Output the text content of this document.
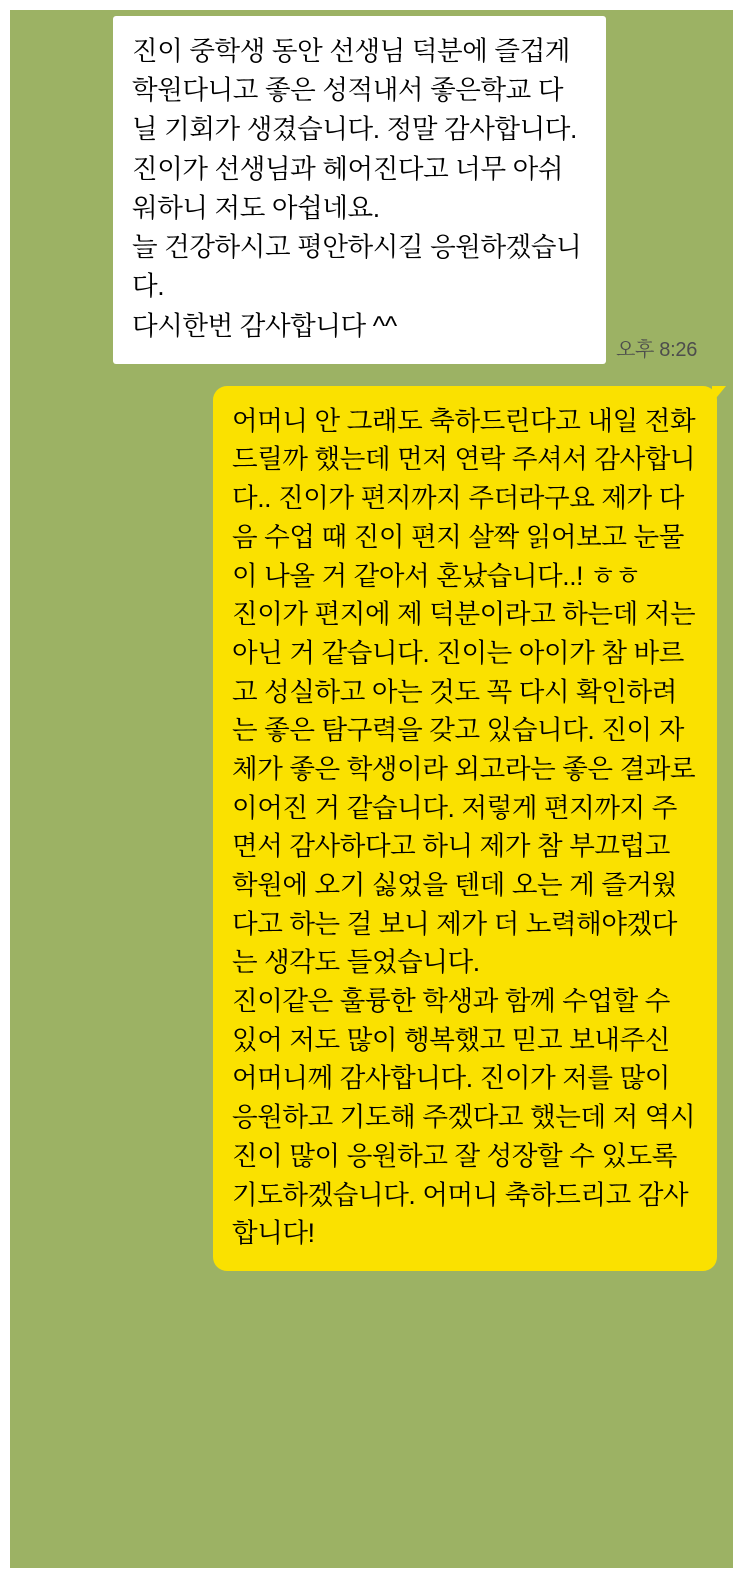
진이 중학생 동안 선생님 덕분에 즐겁게 학원다니고 좋은 성적내서 좋은학교 다닐 기회가 생겼습니다. 정말 감사합니다. 진이가 선생님과 헤어진다고 너무 아쉬워하니 저도 아쉽네요.

늘 건강하시고 평안하시길 응원하겠습니다.

다시한번 감사합니다 ^^

오후 8:26

어머니 안 그래도 축하드린다고 내일 전화드릴까 했는데 먼저 연락 주셔서 감사합니다.. 진이가 편지까지 주더라구요 제가 다음 수업 때 진이 편지 살짝 읽어보고 눈물이 나올 거 같아서 혼났습니다..! ㅎㅎ

진이가 편지에 제 덕분이라고 하는데 저는 아닌 거 같습니다. 진이는 아이가 참 바르고 성실하고 아는 것도 꼭 다시 확인하려는 좋은 탐구력을 갖고 있습니다. 진이 자체가 좋은 학생이라 외고라는 좋은 결과로 이어진 거 같습니다. 저렇게 편지까지 주면서 감사하다고 하니 제가 참 부끄럽고 학원에 오기 싫었을 텐데 오는 게 즐거웠다고 하는 걸 보니 제가 더 노력해야겠다는 생각도 들었습니다.

진이같은 훌륭한 학생과 함께 수업할 수 있어 저도 많이 행복했고 믿고 보내주신 어머니께 감사합니다. 진이가 저를 많이 응원하고 기도해 주겠다고 했는데 저 역시 진이 많이 응원하고 잘 성장할 수 있도록 기도하겠습니다. 어머니 축하드리고 감사합니다!
